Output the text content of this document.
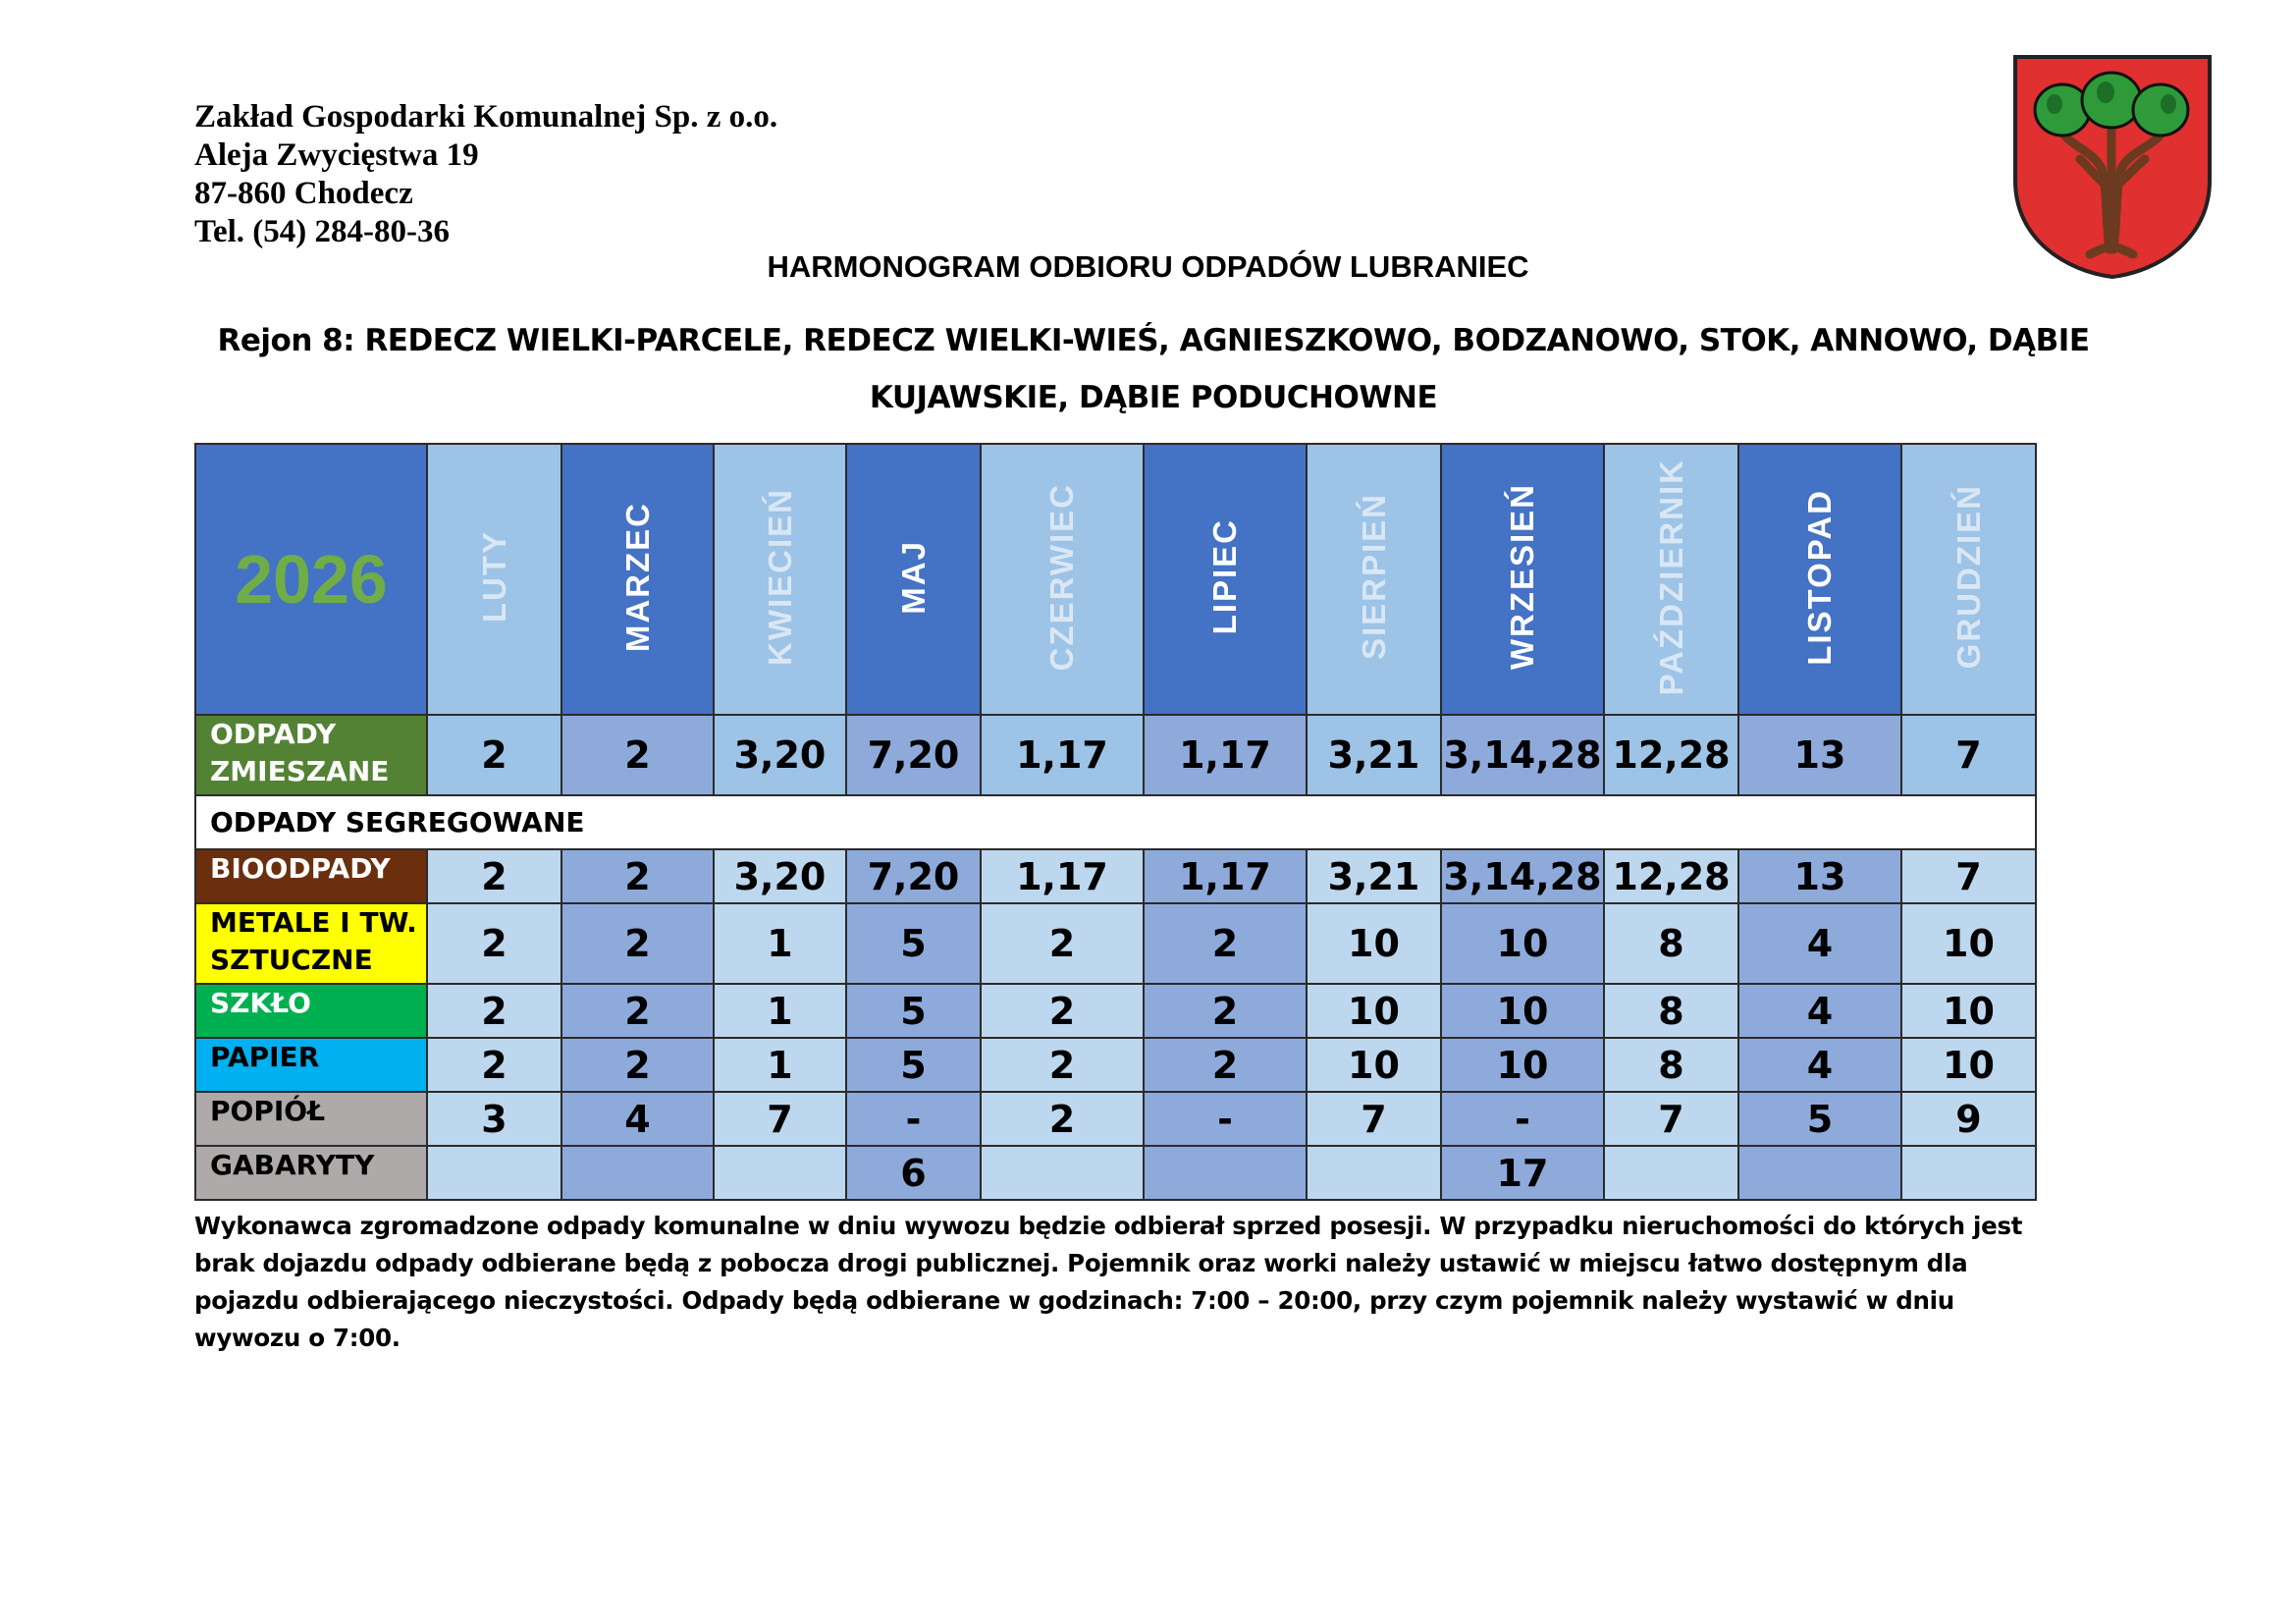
Zakład Gospodarki Komunalnej Sp. z o.o.
Aleja Zwycięstwa 19
87-860 Chodecz
Tel. (54) 284-80-36
HARMONOGRAM ODBIORU ODPADÓW LUBRANIEC
Rejon 8: REDECZ WIELKI-PARCELE, REDECZ WIELKI-WIEŚ, AGNIESZKOWO, BODZANOWO, STOK, ANNOWO, DĄBIE KUJAWSKIE, DĄBIE PODUCHOWNE
2026	LUTY	MARZEC	KWIECIEŃ	MAJ	CZERWIEC	LIPIEC	SIERPIEŃ	WRZESIEŃ	PAŹDZIERNIK	LISTOPAD	GRUDZIEŃ
ODPADY ZMIESZANE	2	2	3,20	7,20	1,17	1,17	3,21	3,14,28	12,28	13	7
ODPADY SEGREGOWANE											
BIOODPADY	2	2	3,20	7,20	1,17	1,17	3,21	3,14,28	12,28	13	7
METALE I TW. SZTUCZNE	2	2	1	5	2	2	10	10	8	4	10
SZKŁO	2	2	1	5	2	2	10	10	8	4	10
PAPIER	2	2	1	5	2	2	10	10	8	4	10
POPIÓŁ	3	4	7	-	2	-	7	-	7	5	9
GABARYTY				6				17			
Wykonawca zgromadzone odpady komunalne w dniu wywozu będzie odbierał sprzed posesji. W przypadku nieruchomości do których jest brak dojazdu odpady odbierane będą z pobocza drogi publicznej. Pojemnik oraz worki należy ustawić w miejscu łatwo dostępnym dla pojazdu odbierającego nieczystości. Odpady będą odbierane w godzinach: 7:00 – 20:00, przy czym pojemnik należy wystawić w dniu wywozu o 7:00.
